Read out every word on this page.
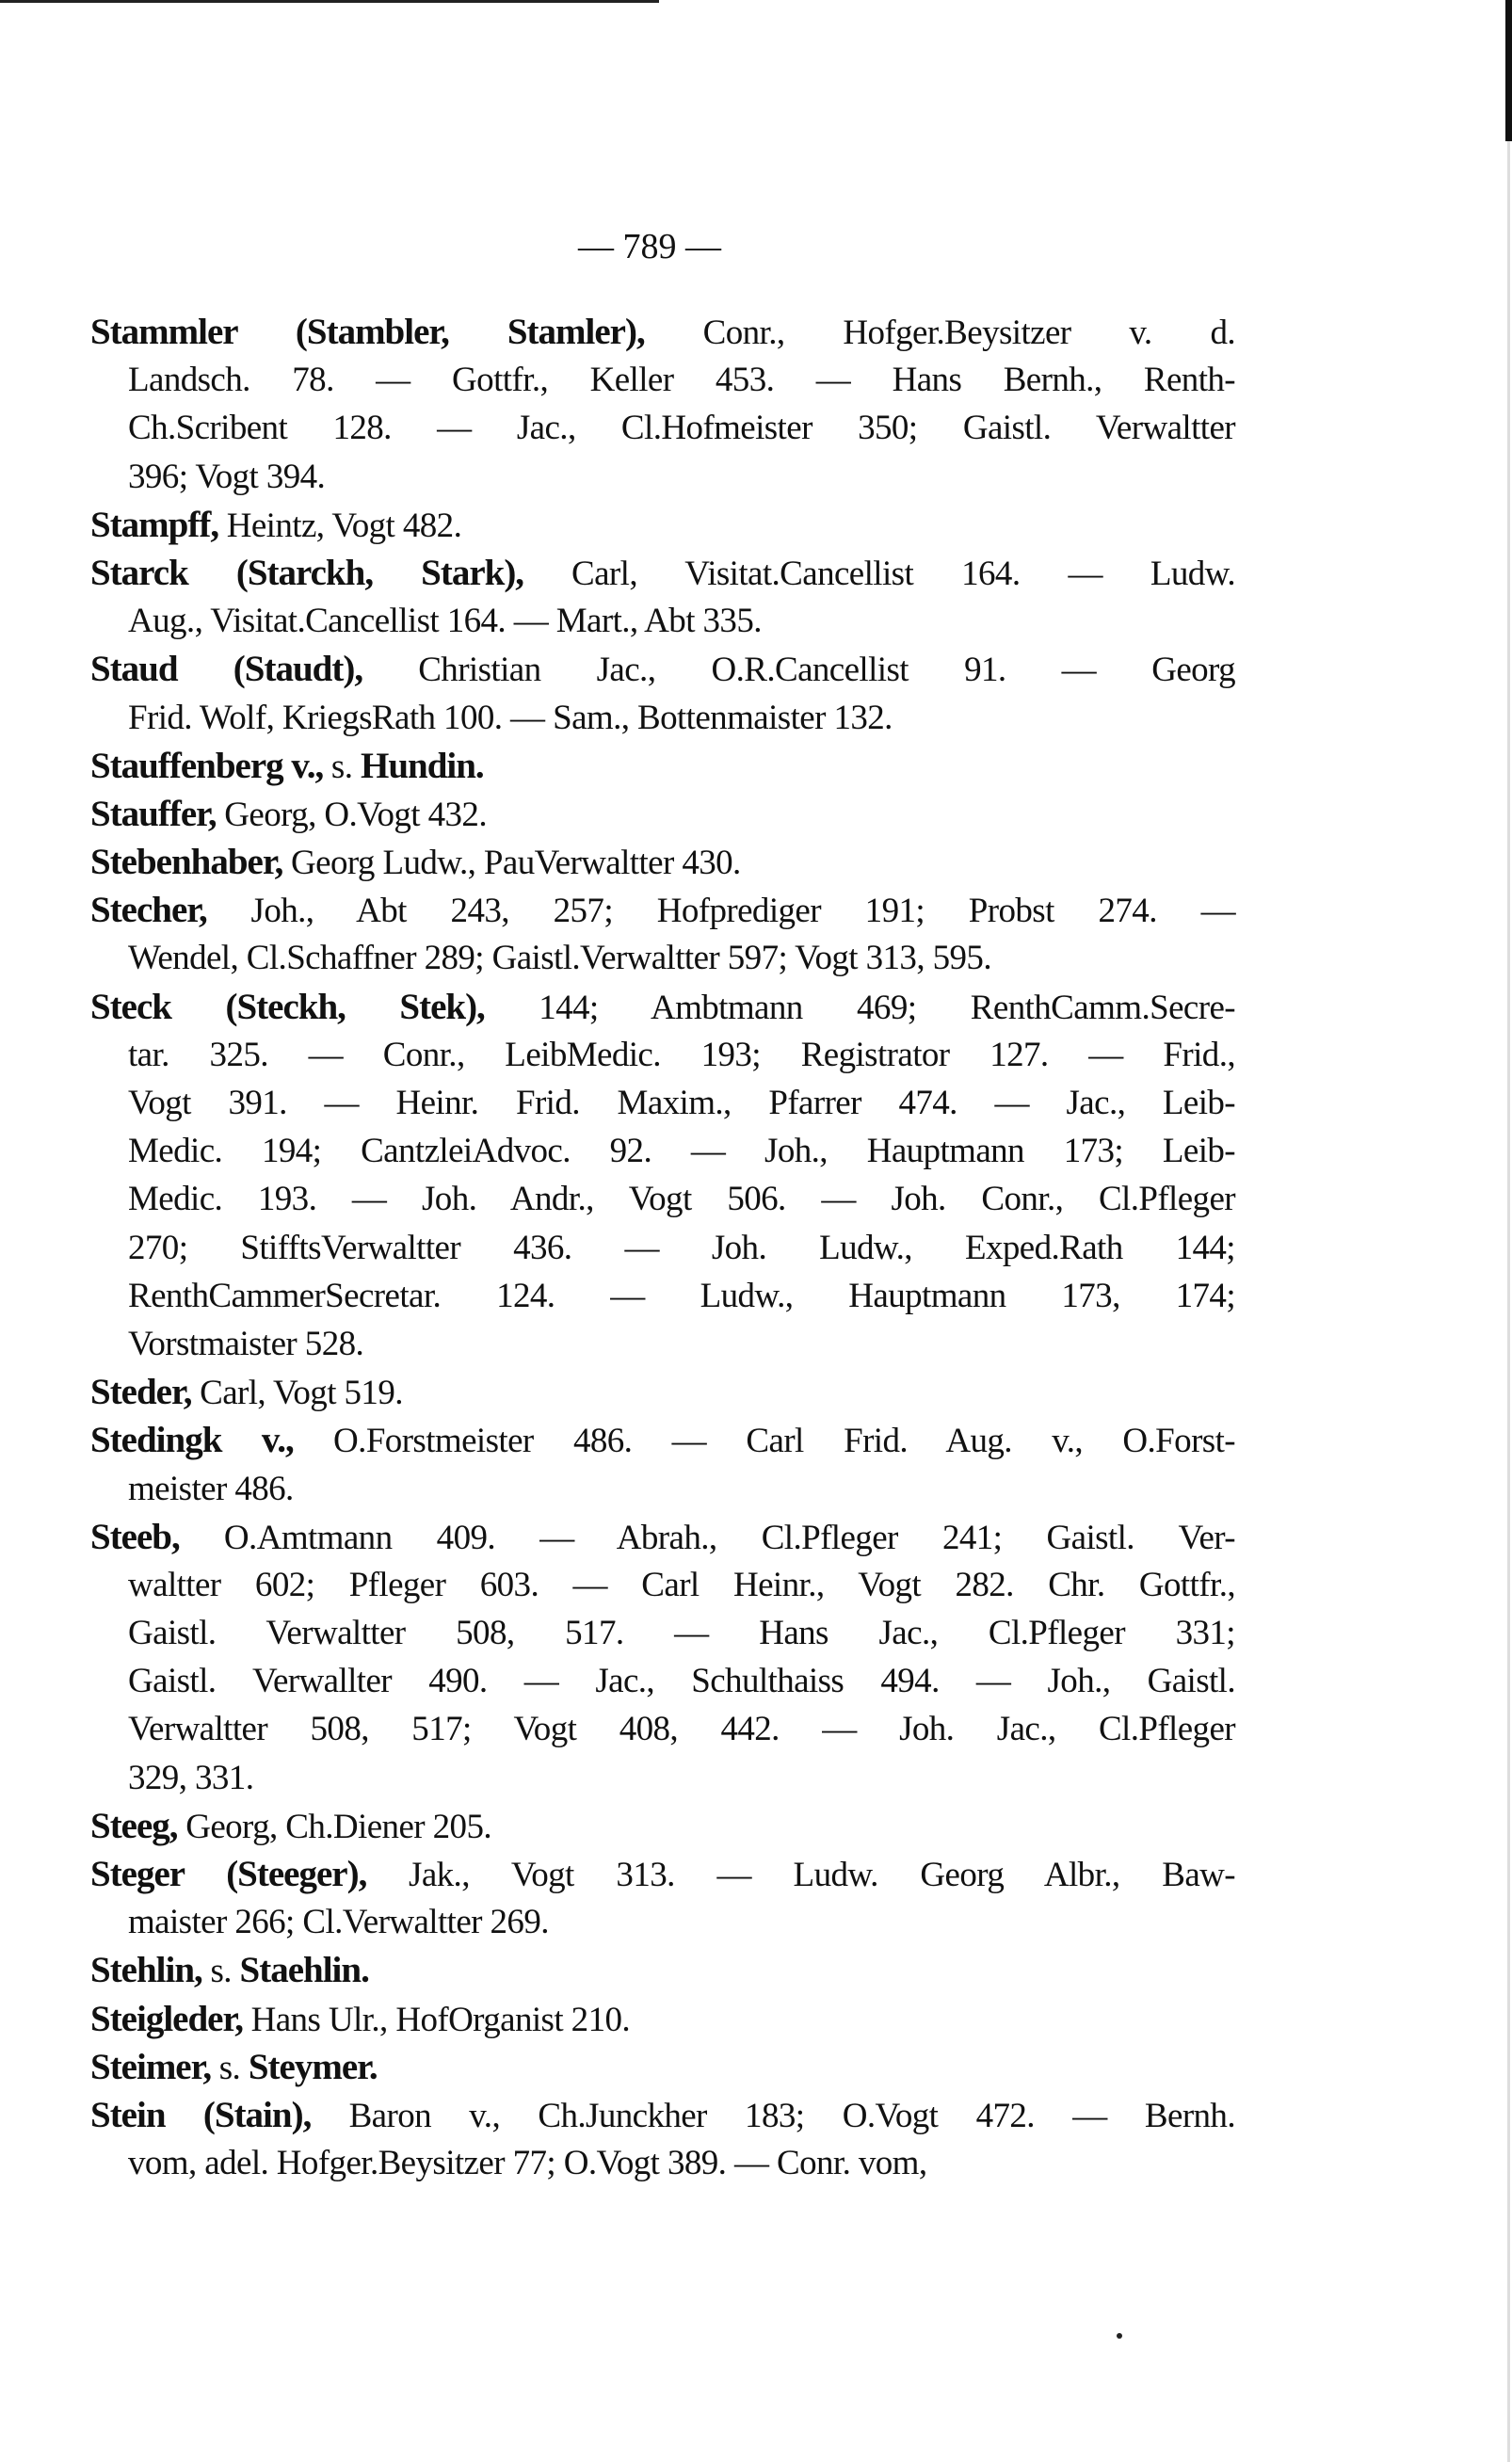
— 789 —
Stammler (Stambler, Stamler), Conr., Hofger.Beysitzer v. d.
Landsch. 78. — Gottfr., Keller 453. — Hans Bernh., Renth-
Ch.Scribent 128. — Jac., Cl.Hofmeister 350; Gaistl. Verwaltter
396; Vogt 394.
Stampff, Heintz, Vogt 482.
Starck (Starckh, Stark), Carl, Visitat.Cancellist 164. — Ludw.
Aug., Visitat.Cancellist 164. — Mart., Abt 335.
Staud (Staudt), Christian Jac., O.R.Cancellist 91. — Georg
Frid. Wolf, KriegsRath 100. — Sam., Bottenmaister 132.
Stauffenberg v., s. Hundin.
Stauffer, Georg, O.Vogt 432.
Stebenhaber, Georg Ludw., PauVerwaltter 430.
Stecher, Joh., Abt 243, 257; Hofprediger 191; Probst 274. —
Wendel, Cl.Schaffner 289; Gaistl.Verwaltter 597; Vogt 313, 595.
Steck (Steckh, Stek), 144; Ambtmann 469; RenthCamm.Secre-
tar. 325. — Conr., LeibMedic. 193; Registrator 127. — Frid.,
Vogt 391. — Heinr. Frid. Maxim., Pfarrer 474. — Jac., Leib-
Medic. 194; CantzleiAdvoc. 92. — Joh., Hauptmann 173; Leib-
Medic. 193. — Joh. Andr., Vogt 506. — Joh. Conr., Cl.Pfleger
270; StifftsVerwaltter 436. — Joh. Ludw., Exped.Rath 144;
RenthCammerSecretar. 124. — Ludw., Hauptmann 173, 174;
Vorstmaister 528.
Steder, Carl, Vogt 519.
Stedingk v., O.Forstmeister 486. — Carl Frid. Aug. v., O.Forst-
meister 486.
Steeb, O.Amtmann 409. — Abrah., Cl.Pfleger 241; Gaistl. Ver-
waltter 602; Pfleger 603. — Carl Heinr., Vogt 282. Chr. Gottfr.,
Gaistl. Verwaltter 508, 517. — Hans Jac., Cl.Pfleger 331;
Gaistl. Verwallter 490. — Jac., Schulthaiss 494. — Joh., Gaistl.
Verwaltter 508, 517; Vogt 408, 442. — Joh. Jac., Cl.Pfleger
329, 331.
Steeg, Georg, Ch.Diener 205.
Steger (Steeger), Jak., Vogt 313. — Ludw. Georg Albr., Baw-
maister 266; Cl.Verwaltter 269.
Stehlin, s. Staehlin.
Steigleder, Hans Ulr., HofOrganist 210.
Steimer, s. Steymer.
Stein (Stain), Baron v., Ch.Junckher 183; O.Vogt 472. — Bernh.
vom, adel. Hofger.Beysitzer 77; O.Vogt 389. — Conr. vom,
